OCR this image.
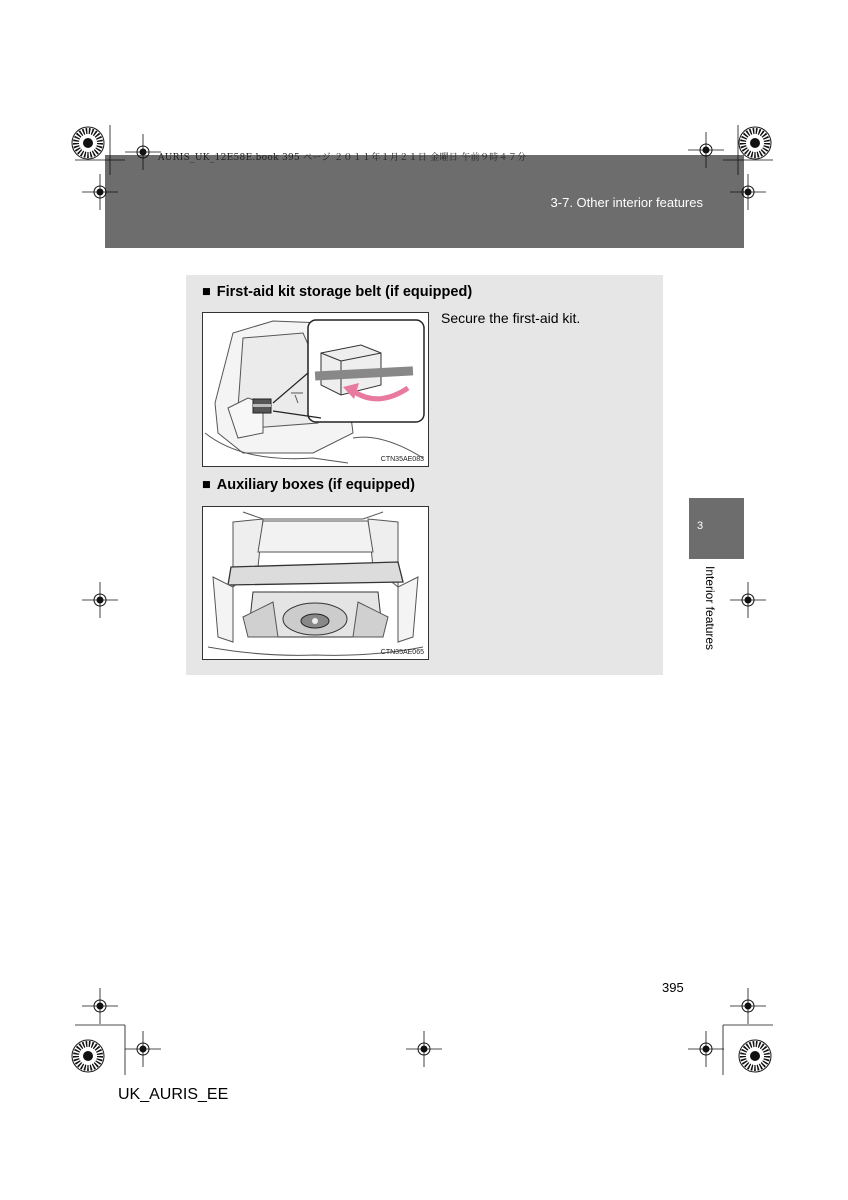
AURIS_UK_12E58E.book 395 ページ ２０１１年１月２１日 金曜日 午前９時４７分
3-7. Other interior features
■ First-aid kit storage belt (if equipped)
CTN35AE083
Secure the first-aid kit.
■ Auxiliary boxes (if equipped)
CTN35AE065
3
Interior features
395
UK_AURIS_EE
